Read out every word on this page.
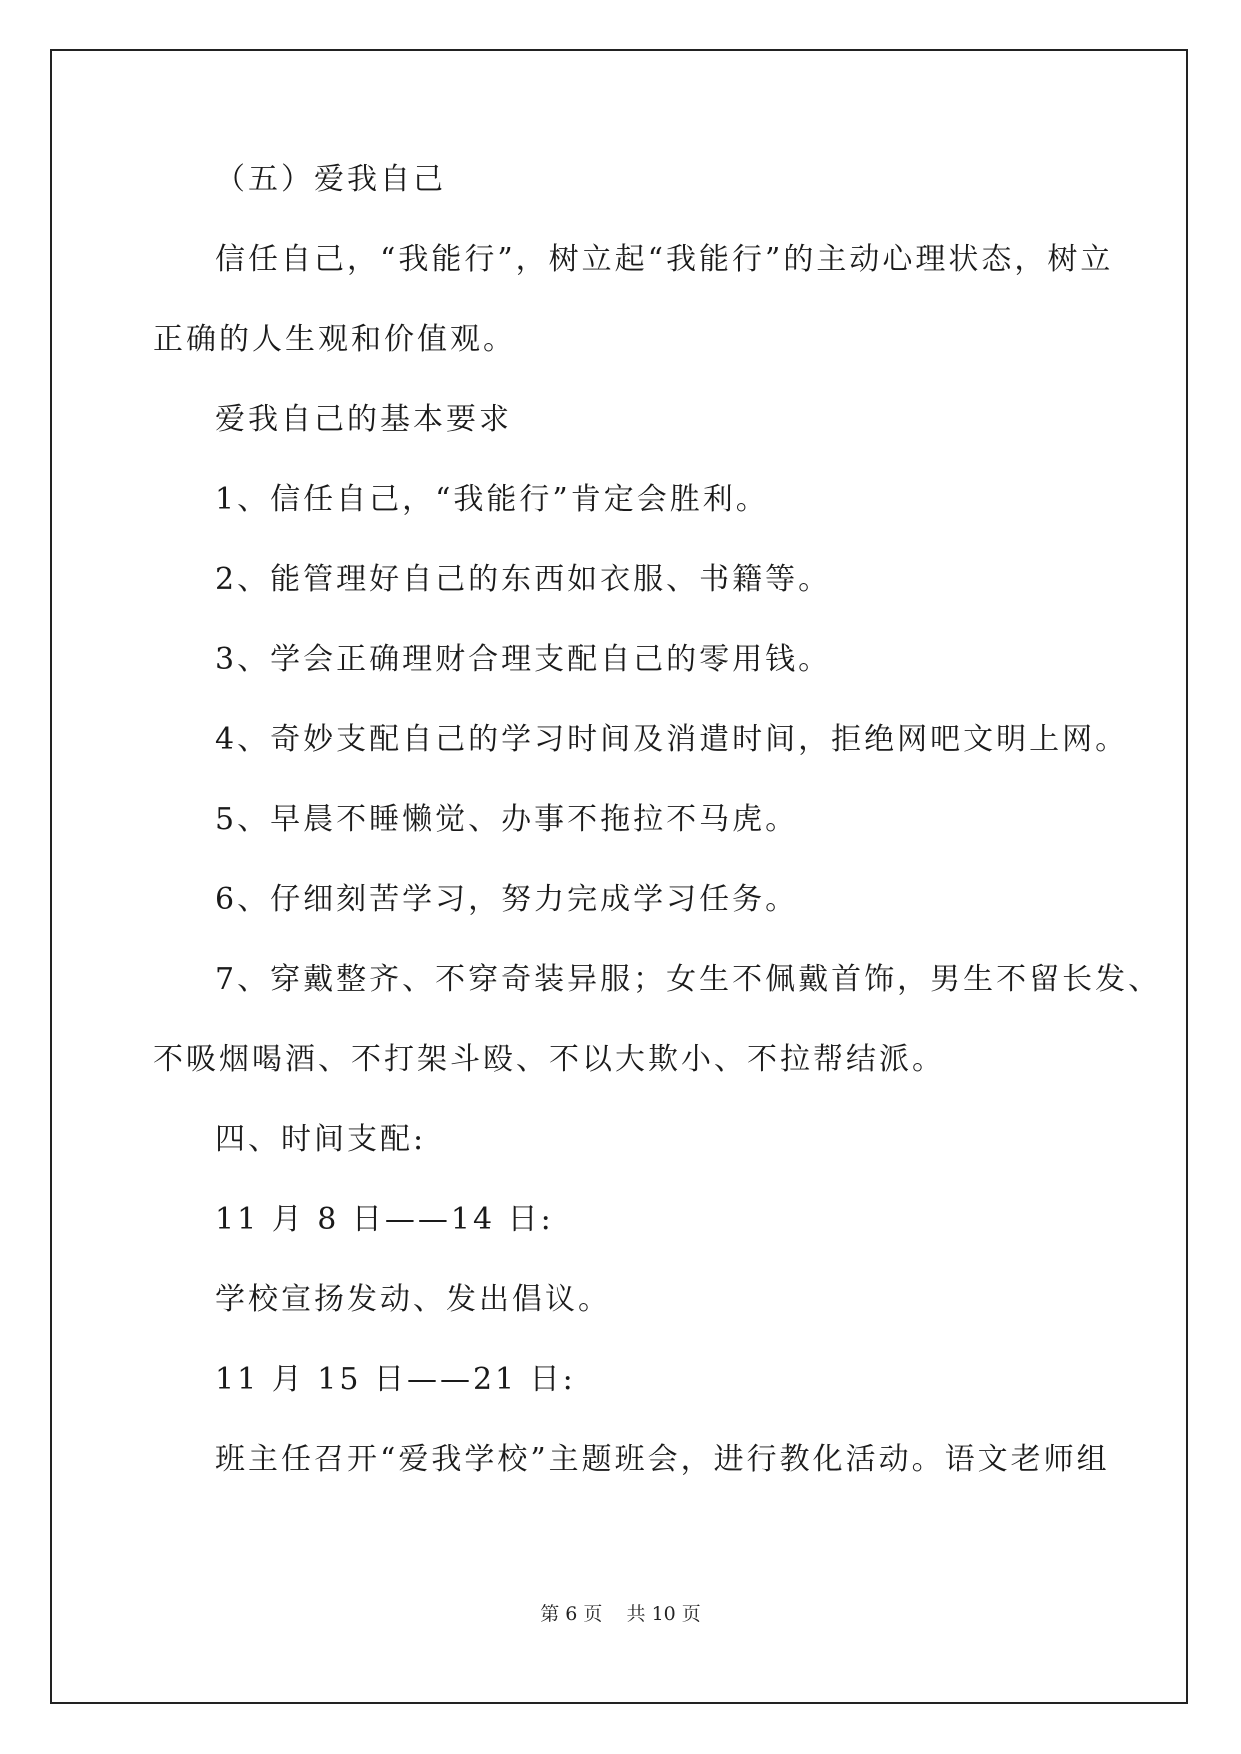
（五）爱我自己
信任自己，“我能行”，树立起“我能行”的主动心理状态，树立
正确的人生观和价值观。
爱我自己的基本要求
1、信任自己，“我能行”肯定会胜利。
2、能管理好自己的东西如衣服、书籍等。
3、学会正确理财合理支配自己的零用钱。
4、奇妙支配自己的学习时间及消遣时间，拒绝网吧文明上网。
5、早晨不睡懒觉、办事不拖拉不马虎。
6、仔细刻苦学习，努力完成学习任务。
7、穿戴整齐、不穿奇装异服；女生不佩戴首饰，男生不留长发、
不吸烟喝酒、不打架斗殴、不以大欺小、不拉帮结派。
四、时间支配:
11 月 8 日——14 日:
学校宣扬发动、发出倡议。
11 月 15 日——21 日:
班主任召开“爱我学校”主题班会，进行教化活动。语文老师组
第 6 页    共 10 页
